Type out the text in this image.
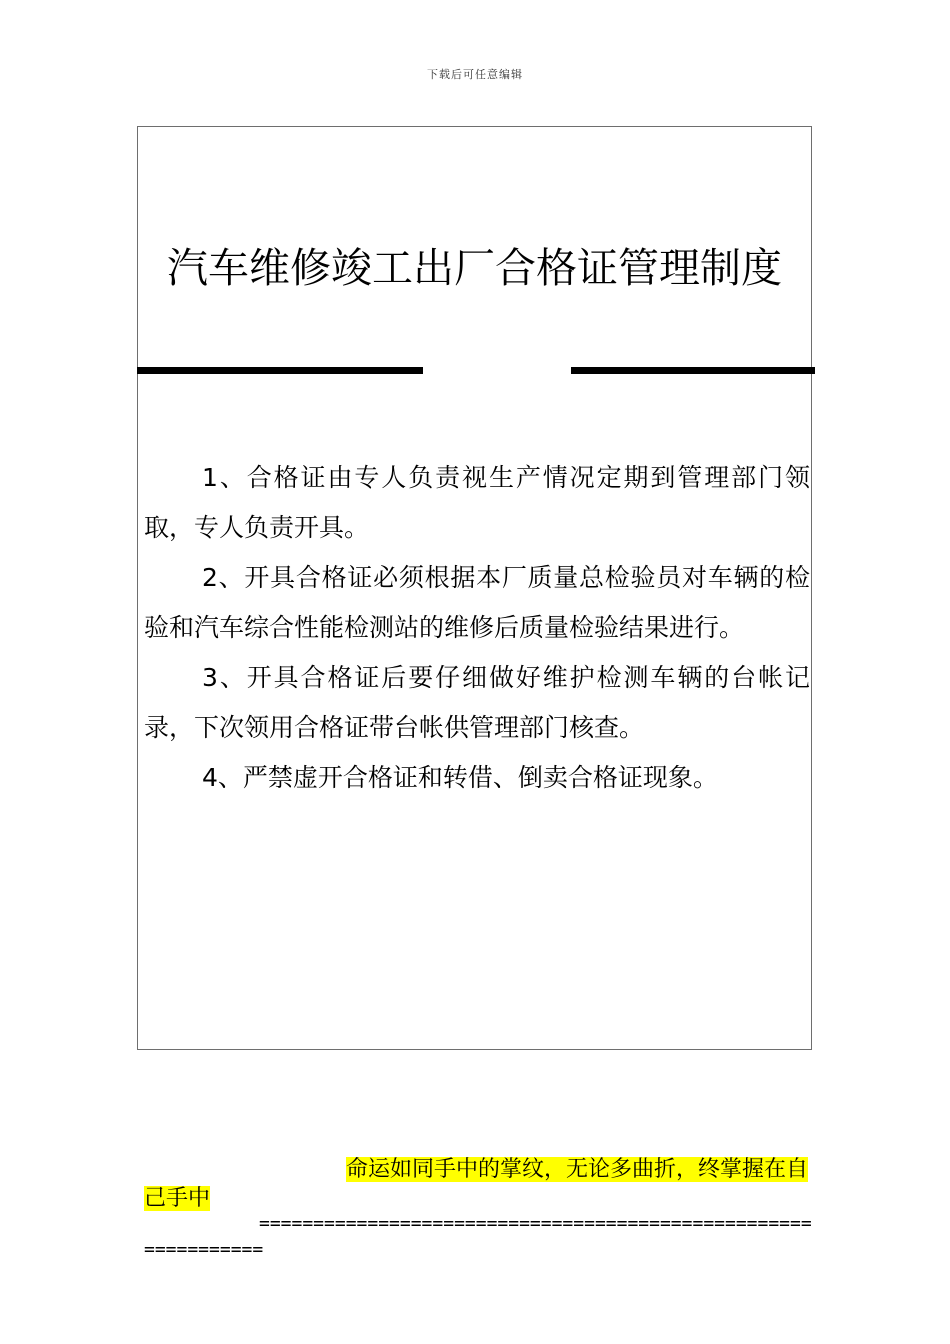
下载后可任意编辑
汽车维修竣工出厂合格证管理制度

1、合格证由专人负责视生产情况定期到管理部门领取，专人负责开具。

2、开具合格证必须根据本厂质量总检验员对车辆的检验和汽车综合性能检测站的维修后质量检验结果进行。

3、开具合格证后要仔细做好维护检测车辆的台帐记录，下次领用合格证带台帐供管理部门核查。

4、严禁虚开合格证和转借、倒卖合格证现象。

命运如同手中的掌纹，无论多曲折，终掌握在自己手中
==============================================================
